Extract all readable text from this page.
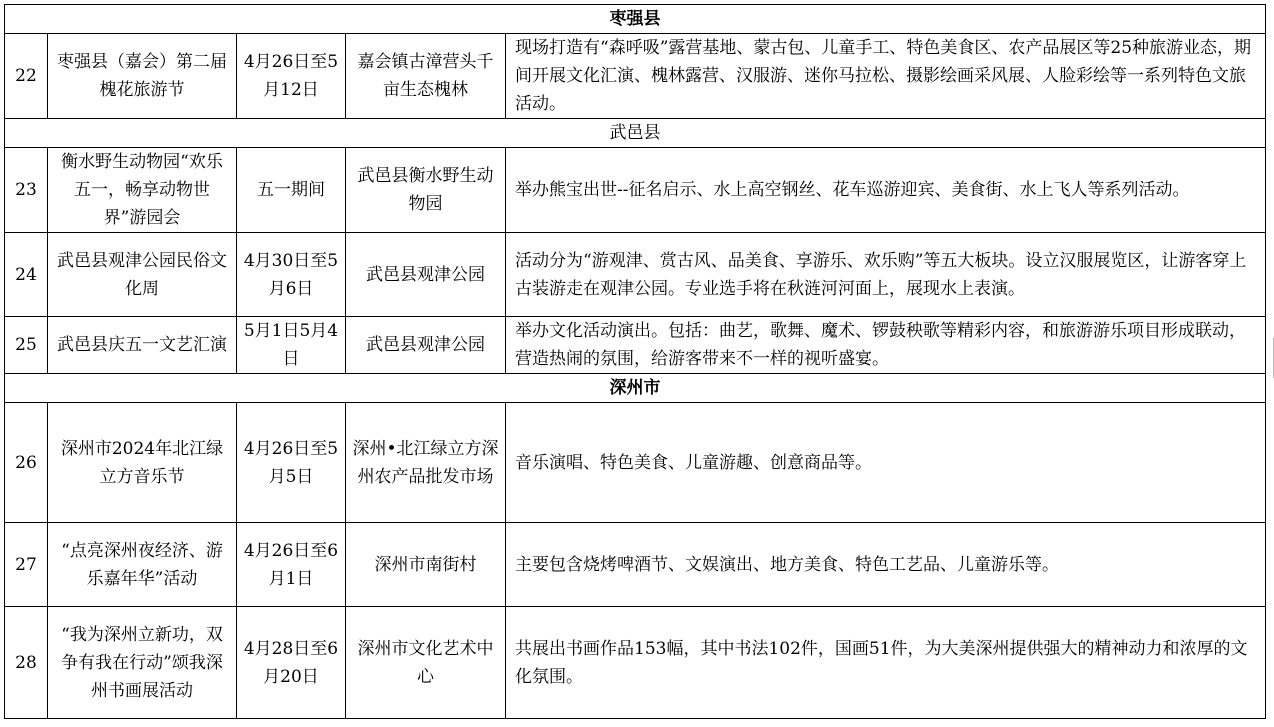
枣强县				
22	枣强县（嘉会）第二届槐花旅游节	4月26日至5月12日	嘉会镇古漳营头千亩生态槐林	现场打造有“森呼吸”露营基地、蒙古包、儿童手工、特色美食区、农产品展区等25种旅游业态，期间开展文化汇演、槐林露营、汉服游、迷你马拉松、摄影绘画采风展、人脸彩绘等一系列特色文旅活动。
武邑县				
23	衡水野生动物园“欢乐五一，畅享动物世界”游园会	五一期间	武邑县衡水野生动物园	举办熊宝出世--征名启示、水上高空钢丝、花车巡游迎宾、美食街、水上飞人等系列活动。
24	武邑县观津公园民俗文化周	4月30日至5月6日	武邑县观津公园	活动分为“游观津、赏古风、品美食、享游乐、欢乐购”等五大板块。设立汉服展览区，让游客穿上古装游走在观津公园。专业选手将在秋涟河河面上，展现水上表演。
25	武邑县庆五一文艺汇演	5月1日5月4日	武邑县观津公园	举办文化活动演出。包括：曲艺，歌舞、魔术、锣鼓秧歌等精彩内容，和旅游游乐项目形成联动，营造热闹的氛围，给游客带来不一样的视听盛宴。
深州市				
26	深州市2024年北江绿立方音乐节	4月26日至5月5日	深州•北江绿立方深州农产品批发市场	音乐演唱、特色美食、儿童游趣、创意商品等。
27	“点亮深州夜经济、游乐嘉年华”活动	4月26日至6月1日	深州市南街村	主要包含烧烤啤酒节、文娱演出、地方美食、特色工艺品、儿童游乐等。
28	“我为深州立新功，双争有我在行动”颂我深州书画展活动	4月28日至6月20日	深州市文化艺术中心	共展出书画作品153幅，其中书法102件，国画51件，为大美深州提供强大的精神动力和浓厚的文化氛围。
